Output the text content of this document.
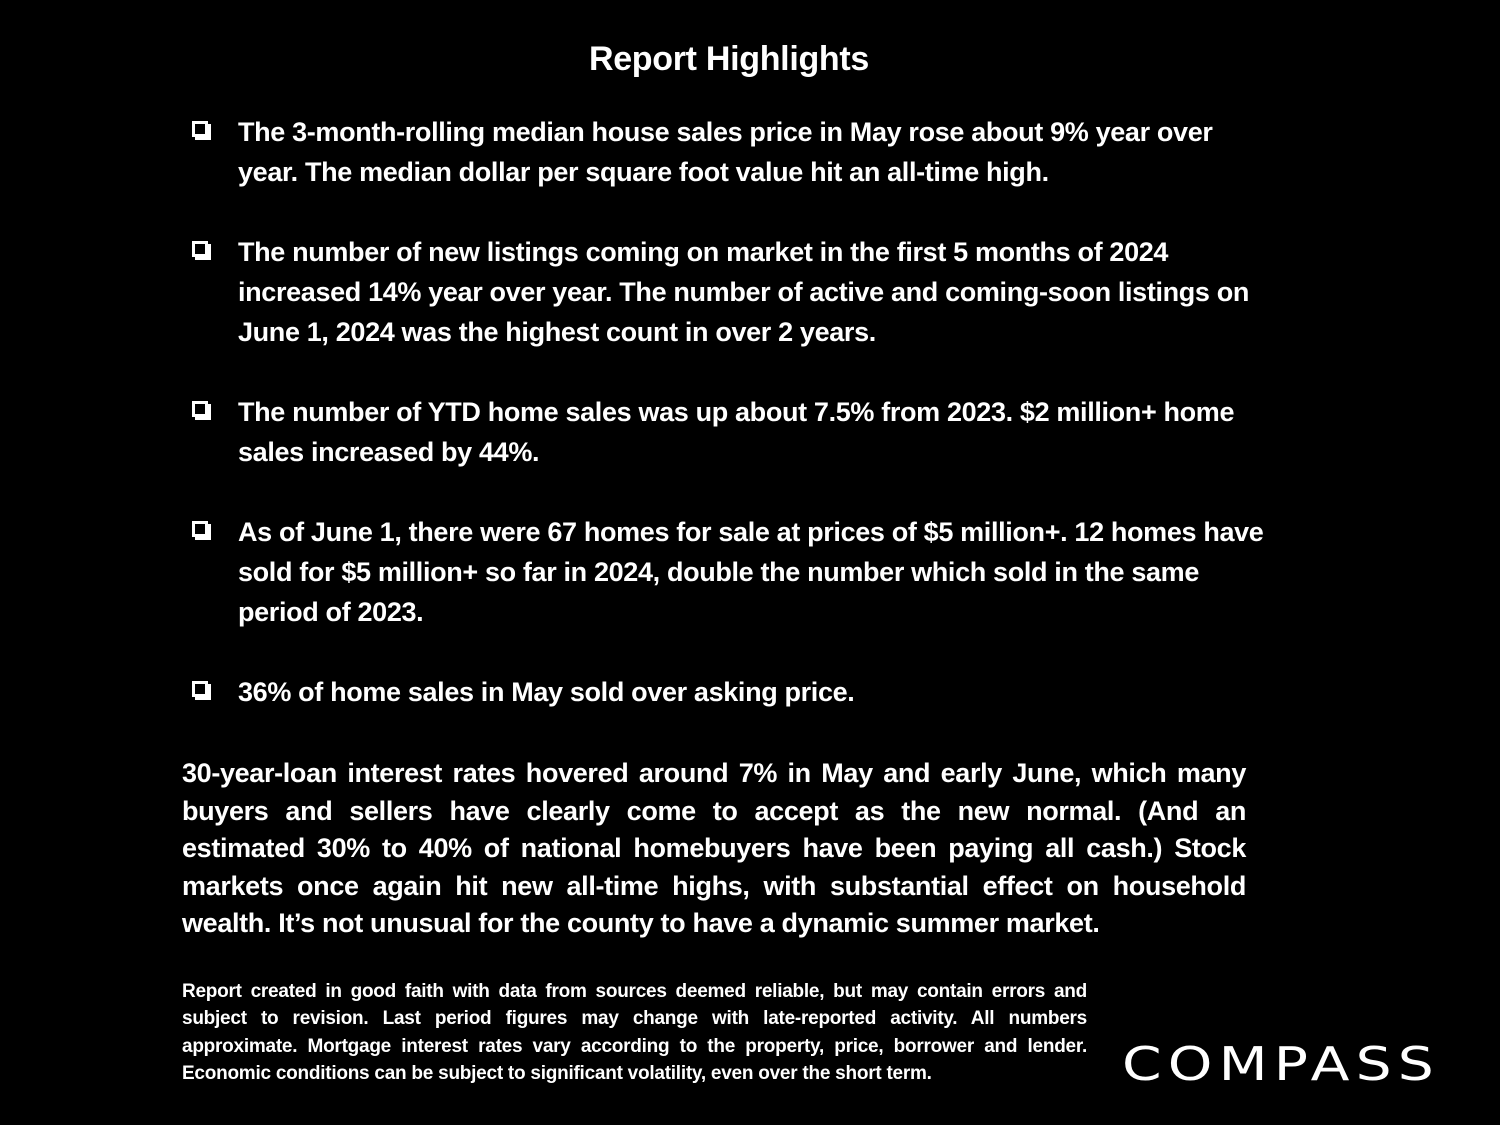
Report Highlights
The 3-month-rolling median house sales price in May rose about 9% year over year. The median dollar per square foot value hit an all-time high.
The number of new listings coming on market in the first 5 months of 2024 increased 14% year over year. The number of active and coming-soon listings on June 1, 2024 was the highest count in over 2 years.
The number of YTD home sales was up about 7.5% from 2023. $2 million+ home sales increased by 44%.
As of June 1, there were 67 homes for sale at prices of $5 million+. 12 homes have sold for $5 million+ so far in 2024, double the number which sold in the same period of 2023.
36% of home sales in May sold over asking price.
30-year-loan interest rates hovered around 7% in May and early June, which many buyers and sellers have clearly come to accept as the new normal. (And an estimated 30% to 40% of national homebuyers have been paying all cash.) Stock markets once again hit new all-time highs, with substantial effect on household wealth. It’s not unusual for the county to have a dynamic summer market.
Report created in good faith with data from sources deemed reliable, but may contain errors and subject to revision. Last period figures may change with late-reported activity. All numbers approximate. Mortgage interest rates vary according to the property, price, borrower and lender. Economic conditions can be subject to significant volatility, even over the short term.	COMPASS
